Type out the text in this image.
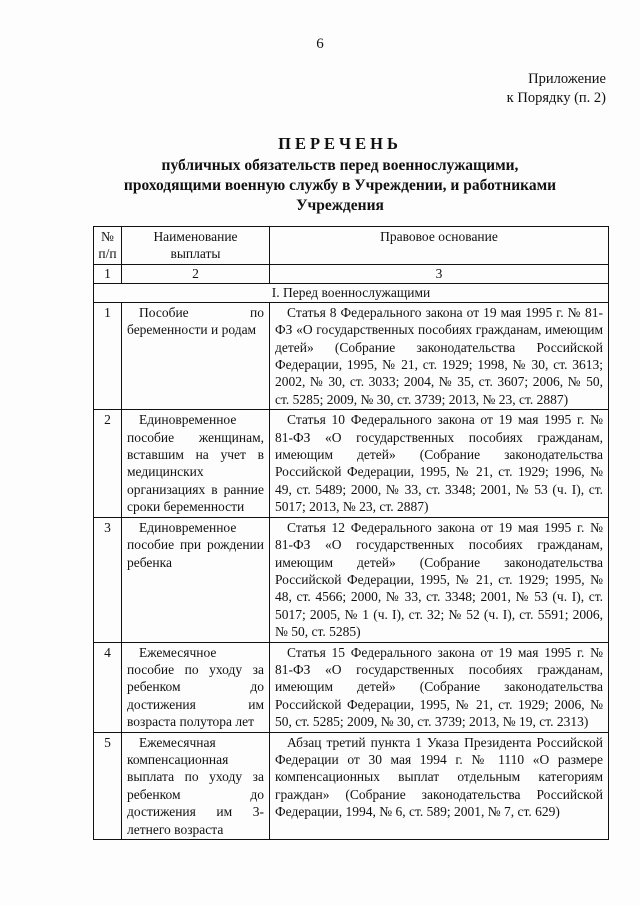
6
Приложение
к Порядку (п. 2)
ПЕРЕЧЕНЬ
публичных обязательств перед военнослужащими,
проходящими военную службу в Учреждении, и работниками
Учреждения
№ п/п	Наименование выплаты	Правовое основание
1	2	3
I. Перед военнослужащими		
1	Пособие по беременности и родам	Статья 8 Федерального закона от 19 мая 1995 г. № 81-ФЗ «О государственных пособиях гражданам, имеющим детей» (Собрание законодательства Российской Федерации, 1995, № 21, ст. 1929; 1998, № 30, ст. 3613; 2002, № 30, ст. 3033; 2004, № 35, ст. 3607; 2006, № 50, ст. 5285; 2009, № 30, ст. 3739; 2013, № 23, ст. 2887)
2	Единовременное пособие женщинам, вставшим на учет в медицинских организациях в ранние сроки беременности	Статья 10 Федерального закона от 19 мая 1995 г. № 81-ФЗ «О государственных пособиях гражданам, имеющим детей» (Собрание законодательства Российской Федерации, 1995, № 21, ст. 1929; 1996, № 49, ст. 5489; 2000, № 33, ст. 3348; 2001, № 53 (ч. I), ст. 5017; 2013, № 23, ст. 2887)
3	Единовременное пособие при рождении ребенка	Статья 12 Федерального закона от 19 мая 1995 г. № 81-ФЗ «О государственных пособиях гражданам, имеющим детей» (Собрание законодательства Российской Федерации, 1995, № 21, ст. 1929; 1995, № 48, ст. 4566; 2000, № 33, ст. 3348; 2001, № 53 (ч. I), ст. 5017; 2005, № 1 (ч. I), ст. 32; № 52 (ч. I), ст. 5591; 2006, № 50, ст. 5285)
4	Ежемесячное пособие по уходу за ребенком до достижения им возраста полутора лет	Статья 15 Федерального закона от 19 мая 1995 г. № 81-ФЗ «О государственных пособиях гражданам, имеющим детей» (Собрание законодательства Российской Федерации, 1995, № 21, ст. 1929; 2006, № 50, ст. 5285; 2009, № 30, ст. 3739; 2013, № 19, ст. 2313)
5	Ежемесячная компенсационная выплата по уходу за ребенком до достижения им 3-летнего возраста	Абзац третий пункта 1 Указа Президента Российской Федерации от 30 мая 1994 г. № 1110 «О размере компенсационных выплат отдельным категориям граждан» (Собрание законодательства Российской Федерации, 1994, № 6, ст. 589; 2001, № 7, ст. 629)
